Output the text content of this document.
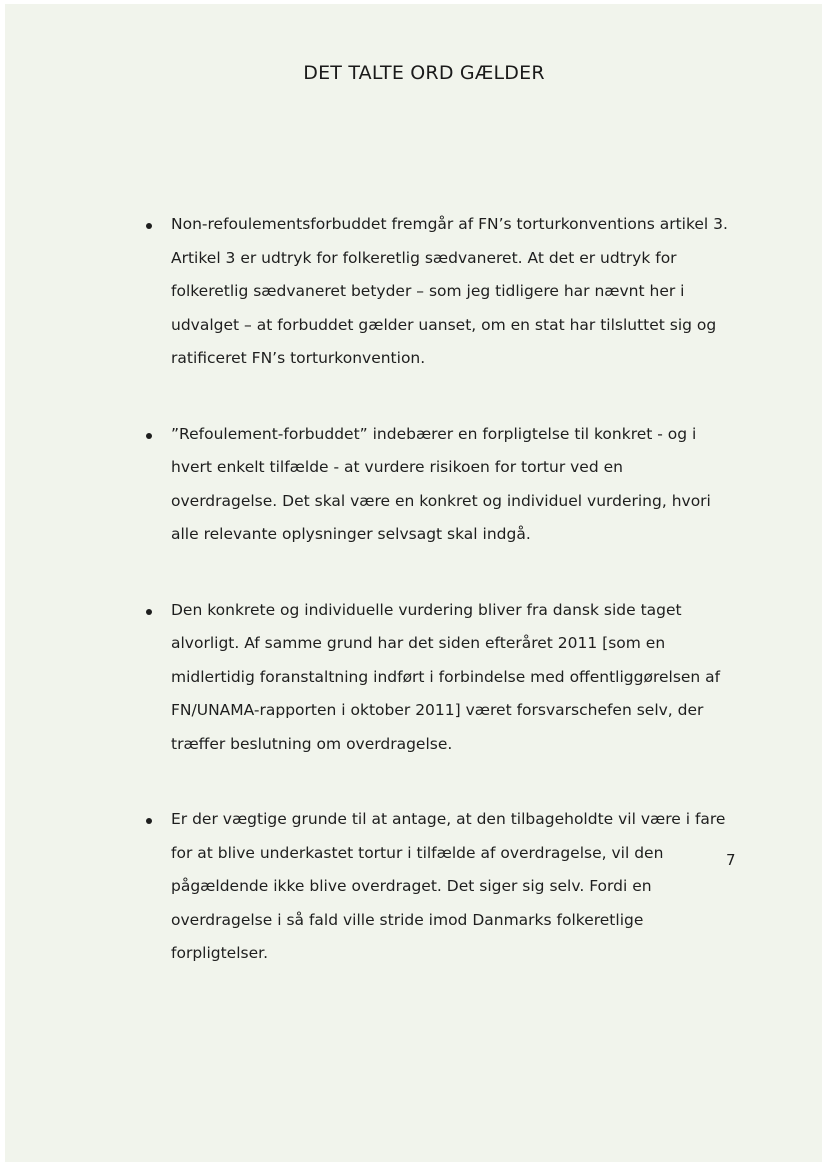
DET TALTE ORD GÆLDER
Non-refoulementsforbuddet fremgår af FN’s torturkonventions artikel 3. Artikel 3 er udtryk for folkeretlig sædvaneret. At det er udtryk for folkeretlig sædvaneret betyder – som jeg tidligere har nævnt her i udvalget – at forbuddet gælder uanset, om en stat har tilsluttet sig og ratificeret FN’s torturkonvention.
”Refoulement-forbuddet” indebærer en forpligtelse til konkret - og i hvert enkelt tilfælde - at vurdere risikoen for tortur ved en overdragelse. Det skal være en konkret og individuel vurdering, hvori alle relevante oplysninger selvsagt skal indgå.
Den konkrete og individuelle vurdering bliver fra dansk side taget alvorligt. Af samme grund har det siden efteråret 2011 [som en midlertidig foranstaltning indført i forbindelse med offentliggørelsen af FN/UNAMA-rapporten i oktober 2011] været forsvarschefen selv, der træffer beslutning om overdragelse.
Er der vægtige grunde til at antage, at den tilbageholdte vil være i fare for at blive underkastet tortur i tilfælde af overdragelse, vil den pågældende ikke blive overdraget. Det siger sig selv. Fordi en overdragelse i så fald ville stride imod Danmarks folkeretlige forpligtelser.
7
